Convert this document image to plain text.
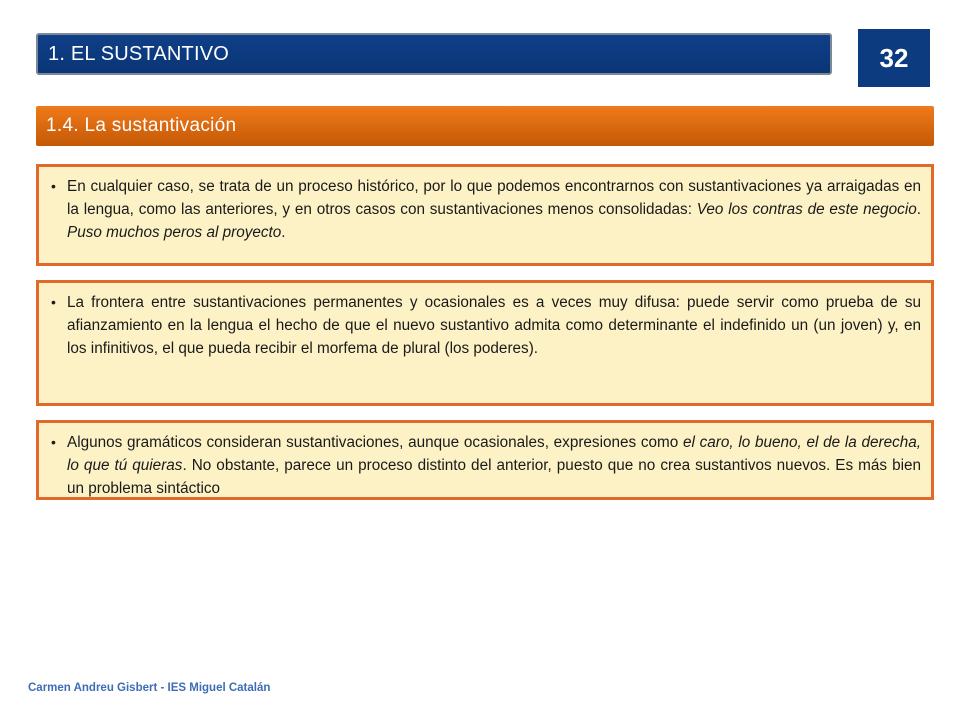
1. EL SUSTANTIVO	32
1.4. La sustantivación

• En cualquier caso, se trata de un proceso histórico, por lo que podemos encontrarnos con sustantivaciones ya arraigadas en la lengua, como las anteriores, y en otros casos con sustantivaciones menos consolidadas: Veo los contras de este negocio. Puso muchos peros al proyecto.

• La frontera entre sustantivaciones permanentes y ocasionales es a veces muy difusa: puede servir como prueba de su afianzamiento en la lengua el hecho de que el nuevo sustantivo admita como determinante el indefinido un (un joven) y, en los infinitivos, el que pueda recibir el morfema de plural (los poderes).

• Algunos gramáticos consideran sustantivaciones, aunque ocasionales, expresiones como el caro, lo bueno, el de la derecha, lo que tú quieras. No obstante, parece un proceso distinto del anterior, puesto que no crea sustantivos nuevos. Es más bien un problema sintáctico

Carmen Andreu Gisbert - IES Miguel Catalán
